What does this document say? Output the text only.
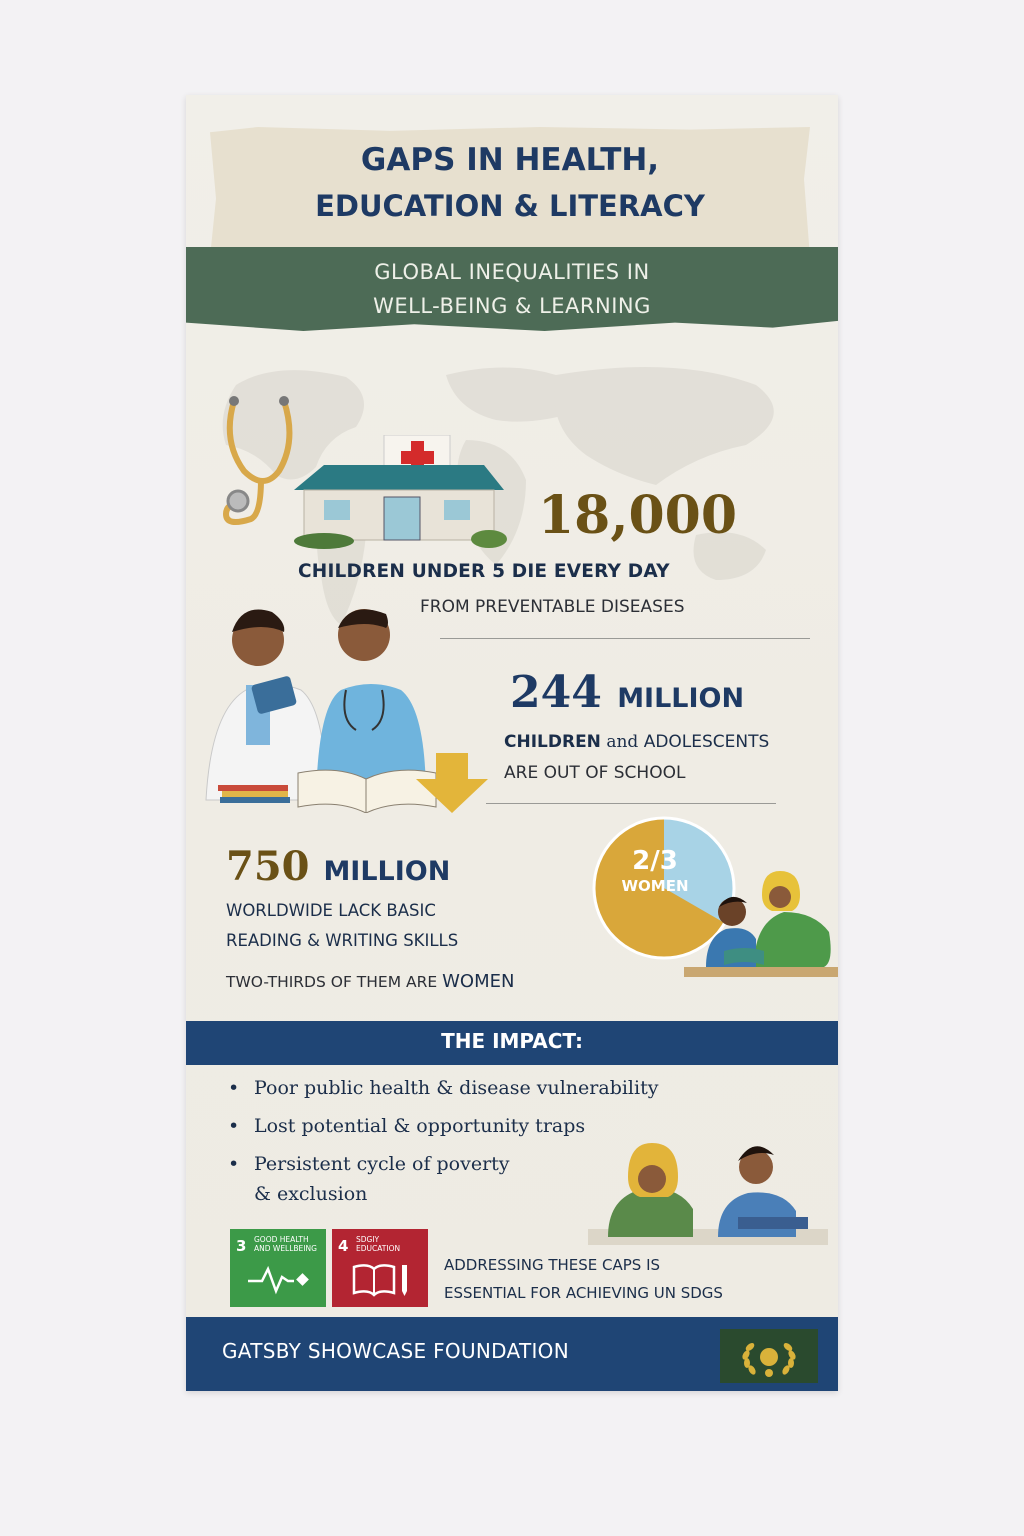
GAPS IN HEALTH,
EDUCATION & LITERACY
GLOBAL INEQUALITIES IN
WELL-BEING & LEARNING
18,000
CHILDREN UNDER 5 DIE EVERY DAY
FROM PREVENTABLE DISEASES
244 MILLION
CHILDREN and ADOLESCENTS
ARE OUT OF SCHOOL
2/3
WOMEN
750 MILLION
WORLDWIDE LACK BASIC
READING & WRITING SKILLS
TWO-THIRDS OF THEM ARE WOMEN
THE IMPACT:
• Poor public health & disease vulnerability
• Lost potential & opportunity traps
• Persistent cycle of poverty
& exclusion
3 GOOD HEALTH AND WELLBEING 4 SDGIY EDUCATION
ADDRESSING THESE CAPS IS
ESSENTIAL FOR ACHIEVING UN SDGS
GATSBY SHOWCASE FOUNDATION
